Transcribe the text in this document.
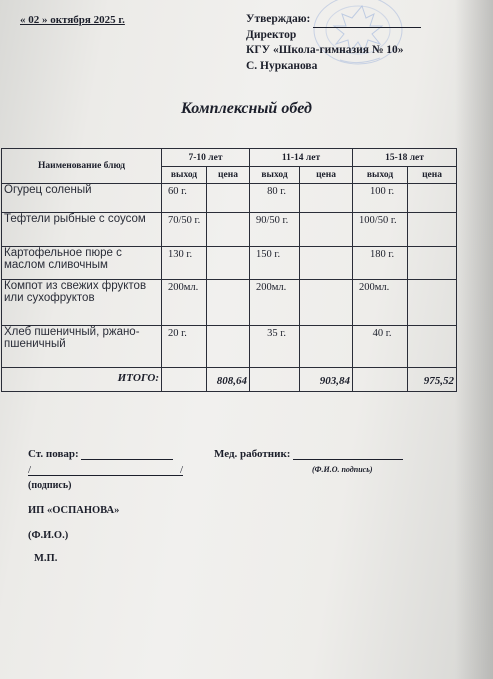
« 02 » октября 2025 г.	Утверждаю:
Директор
КГУ «Школа-гимназия № 10»
С. Нурканова
Комплексный обед
Наименование блюд	7-10 лет		11-14 лет		15-18 лет	
	выход	цена	выход	цена	выход	цена
Огурец соленый	60 г.		80 г.		100 г.	
Тефтели рыбные с соусом	70/50 г.		90/50 г.		100/50 г.	
Картофельное пюре с маслом сливочным	130 г.		150 г.		180 г.	
Компот из свежих фруктов или сухофруктов	200мл.		200мл.		200мл.	
Хлеб пшеничный, ржано-пшеничный	20 г.		35 г.		40 г.	
ИТОГО:		808,64		903,84		975,52
Ст. повар:	Мед. работник:
(Ф.И.О. подпись)
/	/
(подпись)
ИП «ОСПАНОВА»
(Ф.И.О.)
М.П.
